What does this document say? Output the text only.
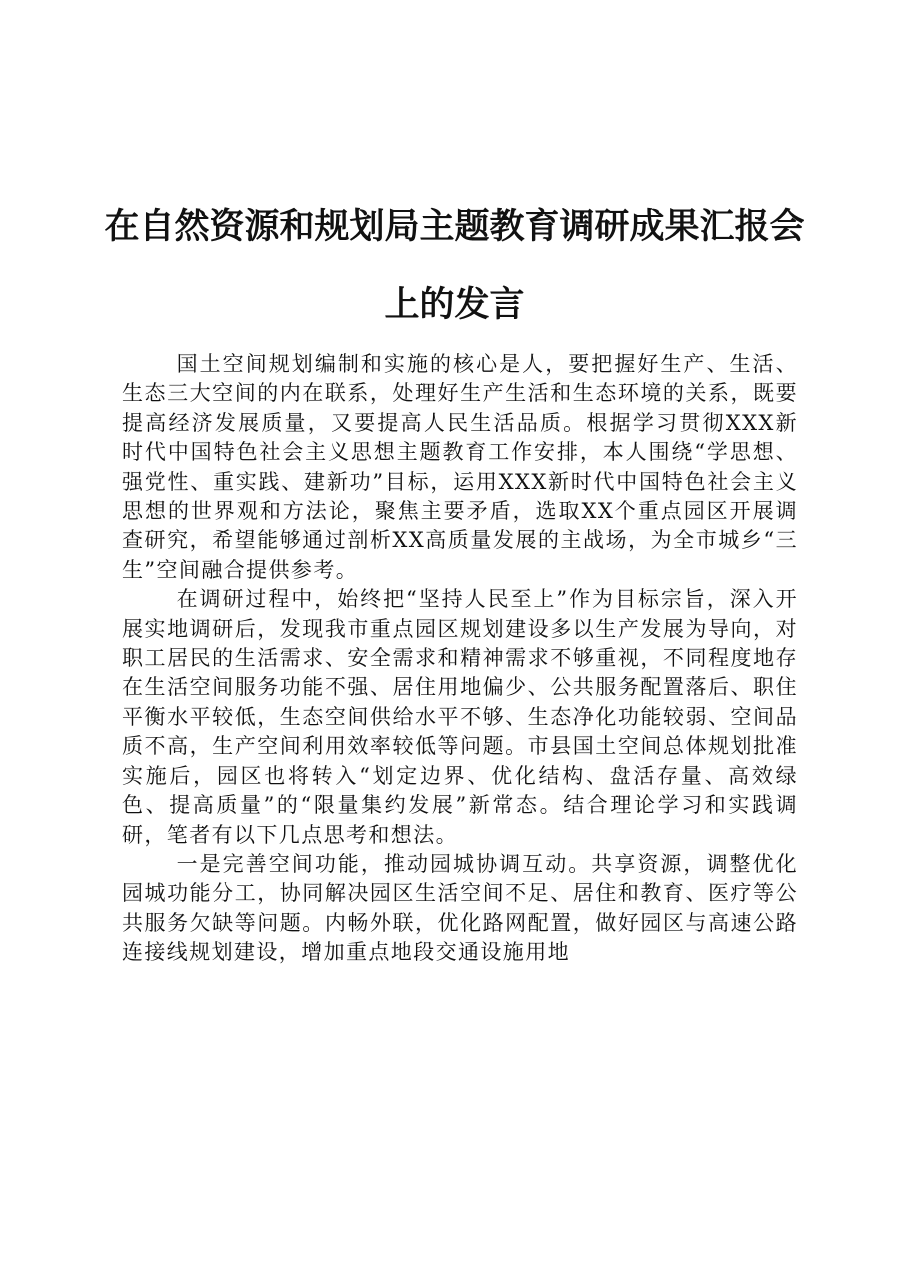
在自然资源和规划局主题教育调研成果汇报会
上的发言

国土空间规划编制和实施的核心是人，要把握好生产、生活、生态三大空间的内在联系，处理好生产生活和生态环境的关系，既要提高经济发展质量，又要提高人民生活品质。根据学习贯彻XXX新时代中国特色社会主义思想主题教育工作安排，本人围绕“学思想、强党性、重实践、建新功”目标，运用XXX新时代中国特色社会主义思想的世界观和方法论，聚焦主要矛盾，选取XX个重点园区开展调查研究，希望能够通过剖析XX高质量发展的主战场，为全市城乡“三生”空间融合提供参考。

在调研过程中，始终把“坚持人民至上”作为目标宗旨，深入开展实地调研后，发现我市重点园区规划建设多以生产发展为导向，对职工居民的生活需求、安全需求和精神需求不够重视，不同程度地存在生活空间服务功能不强、居住用地偏少、公共服务配置落后、职住平衡水平较低，生态空间供给水平不够、生态净化功能较弱、空间品质不高，生产空间利用效率较低等问题。市县国土空间总体规划批准实施后，园区也将转入“划定边界、优化结构、盘活存量、高效绿色、提高质量”的“限量集约发展”新常态。结合理论学习和实践调研，笔者有以下几点思考和想法。

一是完善空间功能，推动园城协调互动。共享资源，调整优化园城功能分工，协同解决园区生活空间不足、居住和教育、医疗等公共服务欠缺等问题。内畅外联，优化路网配置，做好园区与高速公路连接线规划建设，增加重点地段交通设施用地
